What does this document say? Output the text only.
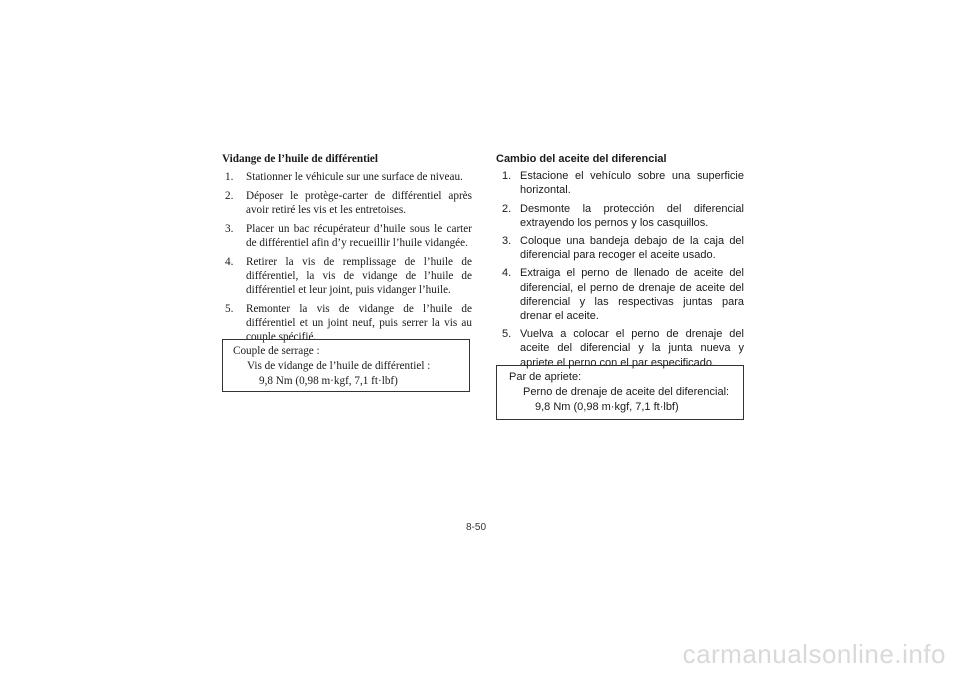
Vidange de l’huile de différentiel
1. Stationner le véhicule sur une surface de niveau.
2. Déposer le protège-carter de différentiel après avoir retiré les vis et les entretoises.
3. Placer un bac récupérateur d’huile sous le carter de différentiel afin d’y recueillir l’huile vidangée.
4. Retirer la vis de remplissage de l’huile de différentiel, la vis de vidange de l’huile de différentiel et leur joint, puis vidanger l’huile.
5. Remonter la vis de vidange de l’huile de différentiel et un joint neuf, puis serrer la vis au couple spécifié.
Couple de serrage :
Vis de vidange de l’huile de différentiel :
9,8 Nm (0,98 m·kgf, 7,1 ft·lbf)
Cambio del aceite del diferencial
1. Estacione el vehículo sobre una superficie horizontal.
2. Desmonte la protección del diferencial extrayendo los pernos y los casquillos.
3. Coloque una bandeja debajo de la caja del diferencial para recoger el aceite usado.
4. Extraiga el perno de llenado de aceite del diferencial, el perno de drenaje de aceite del diferencial y las respectivas juntas para drenar el aceite.
5. Vuelva a colocar el perno de drenaje del aceite del diferencial y la junta nueva y apriete el perno con el par especificado.
Par de apriete:
Perno de drenaje de aceite del diferencial:
9,8 Nm (0,98 m·kgf, 7,1 ft·lbf)
8-50
carmanualsonline.info
